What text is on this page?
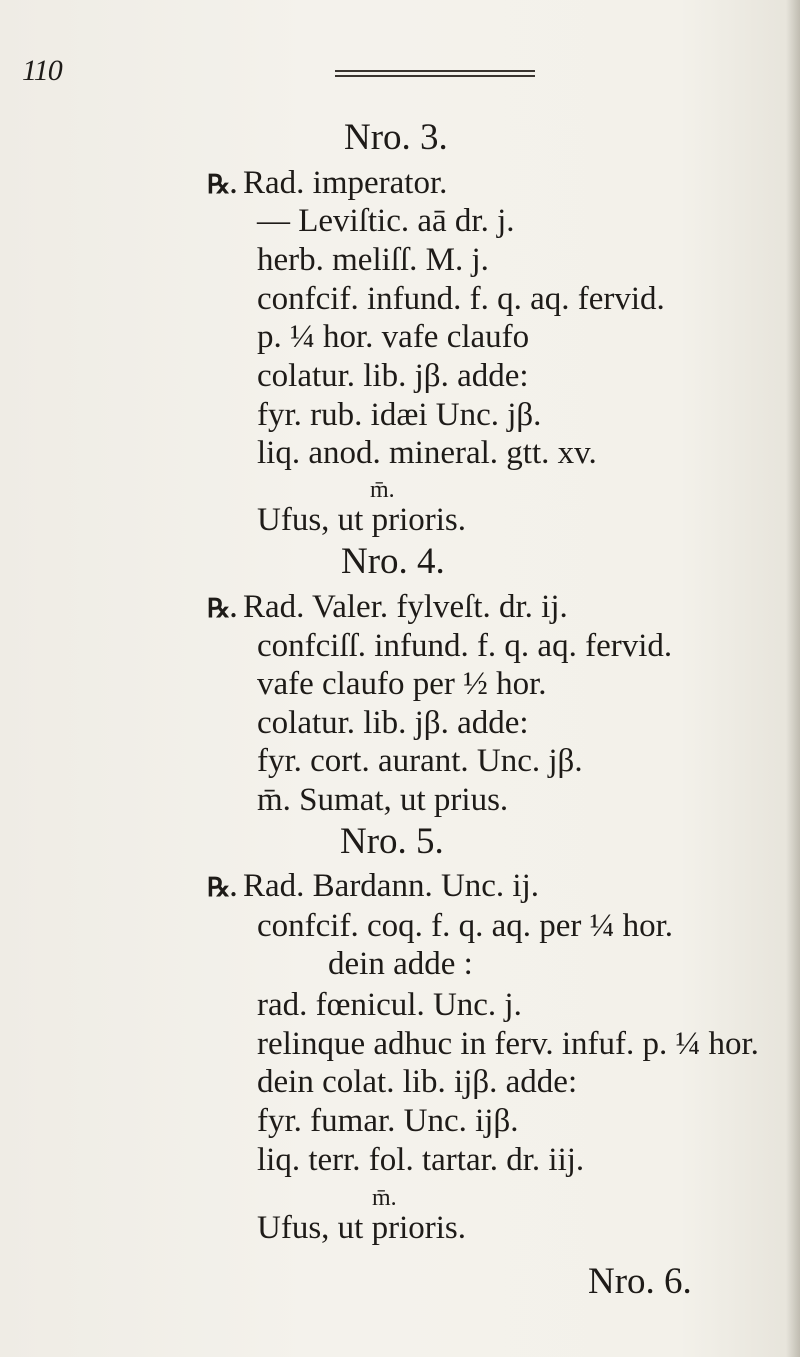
110
Nro. 3.
℞. Rad. imperator.
— Leviſtic. aā dr. j.
herb. meliſſ. M. j.
confcif. infund. f. q. aq. fervid.
p. ¼ hor. vafe claufo
colatur. lib. jβ. adde:
fyr. rub. idæi Unc. jβ.
liq. anod. mineral. gtt. xv.
m̄.
Ufus, ut prioris.
Nro. 4.
℞. Rad. Valer. fylveſt. dr. ij.
confciſſ. infund. f. q. aq. fervid.
vafe claufo per ½ hor.
colatur. lib. jβ. adde:
fyr. cort. aurant. Unc. jβ.
m̄. Sumat, ut prius.
Nro. 5.
℞. Rad. Bardann. Unc. ij.
confcif. coq. f. q. aq. per ¼ hor.
dein adde :
rad. fœnicul. Unc. j.
relinque adhuc in ferv. infuf. p. ¼ hor.
dein colat. lib. ijβ. adde:
fyr. fumar. Unc. ijβ.
liq. terr. fol. tartar. dr. iij.
m̄.
Ufus, ut prioris.
Nro. 6.
